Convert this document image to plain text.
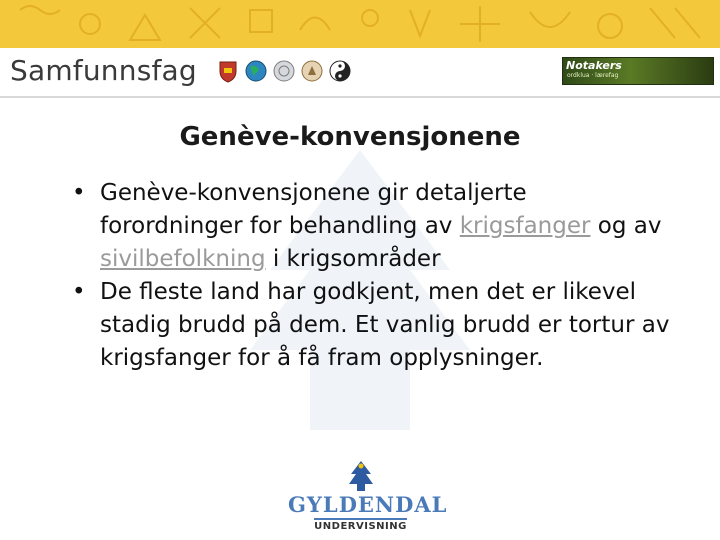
Samfunnsfag	Notakers
ordklua · lærefag
Genève-konvensjonene
• Genève-konvensjonene gir detaljerte forordninger for behandling av krigsfanger og av sivilbefolkning i krigsområder
• De fleste land har godkjent, men det er likevel stadig brudd på dem. Et vanlig brudd er tortur av krigsfanger for å få fram opplysninger.
GYLDENDAL
UNDERVISNING
